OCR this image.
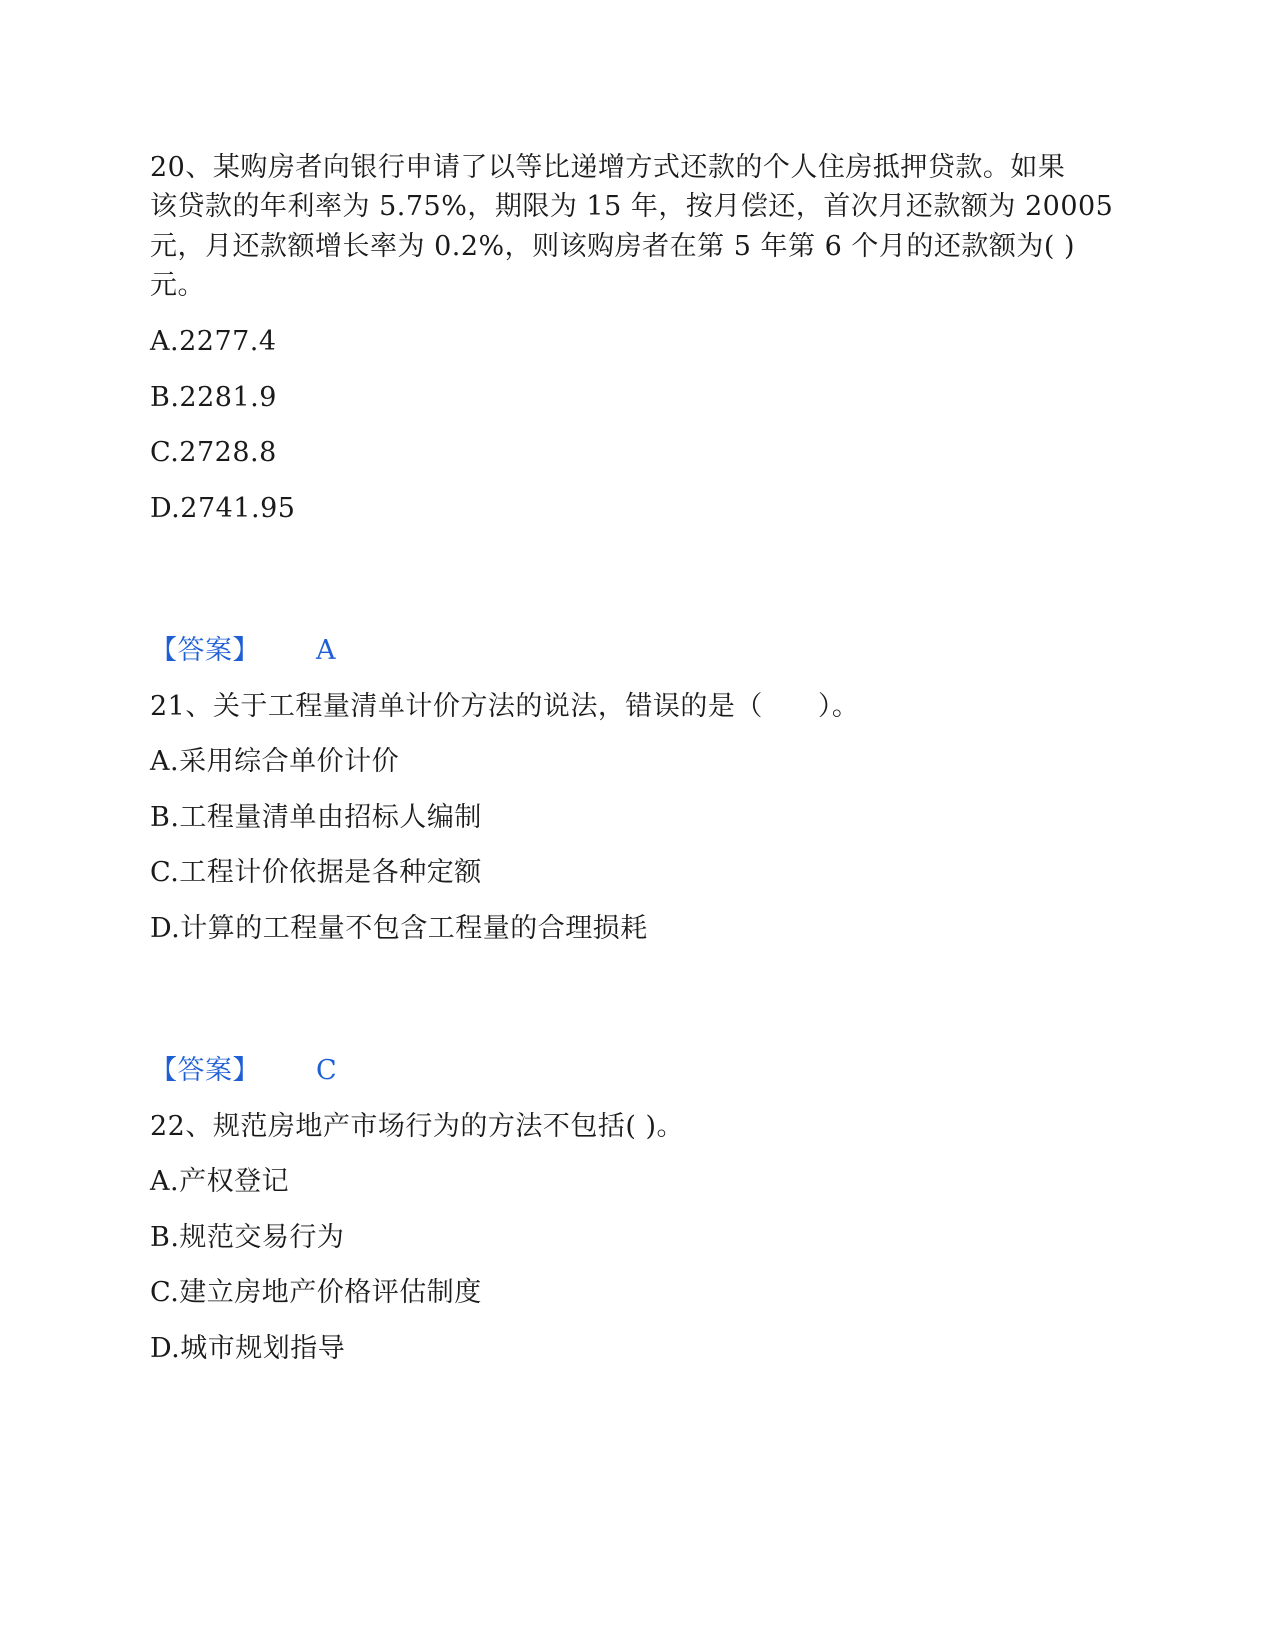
20、某购房者向银行申请了以等比递增方式还款的个人住房抵押贷款。如果
该贷款的年利率为 5.75%，期限为 15 年，按月偿还，首次月还款额为 20005
元，月还款额增长率为 0.2%，则该购房者在第 5 年第 6 个月的还款额为( )
元。
A.2277.4
B.2281.9
C.2728.8
D.2741.95
【答案】 A
21、关于工程量清单计价方法的说法，错误的是（　　）。
A.采用综合单价计价
B.工程量清单由招标人编制
C.工程计价依据是各种定额
D.计算的工程量不包含工程量的合理损耗
【答案】 C
22、规范房地产市场行为的方法不包括( )。
A.产权登记
B.规范交易行为
C.建立房地产价格评估制度
D.城市规划指导
